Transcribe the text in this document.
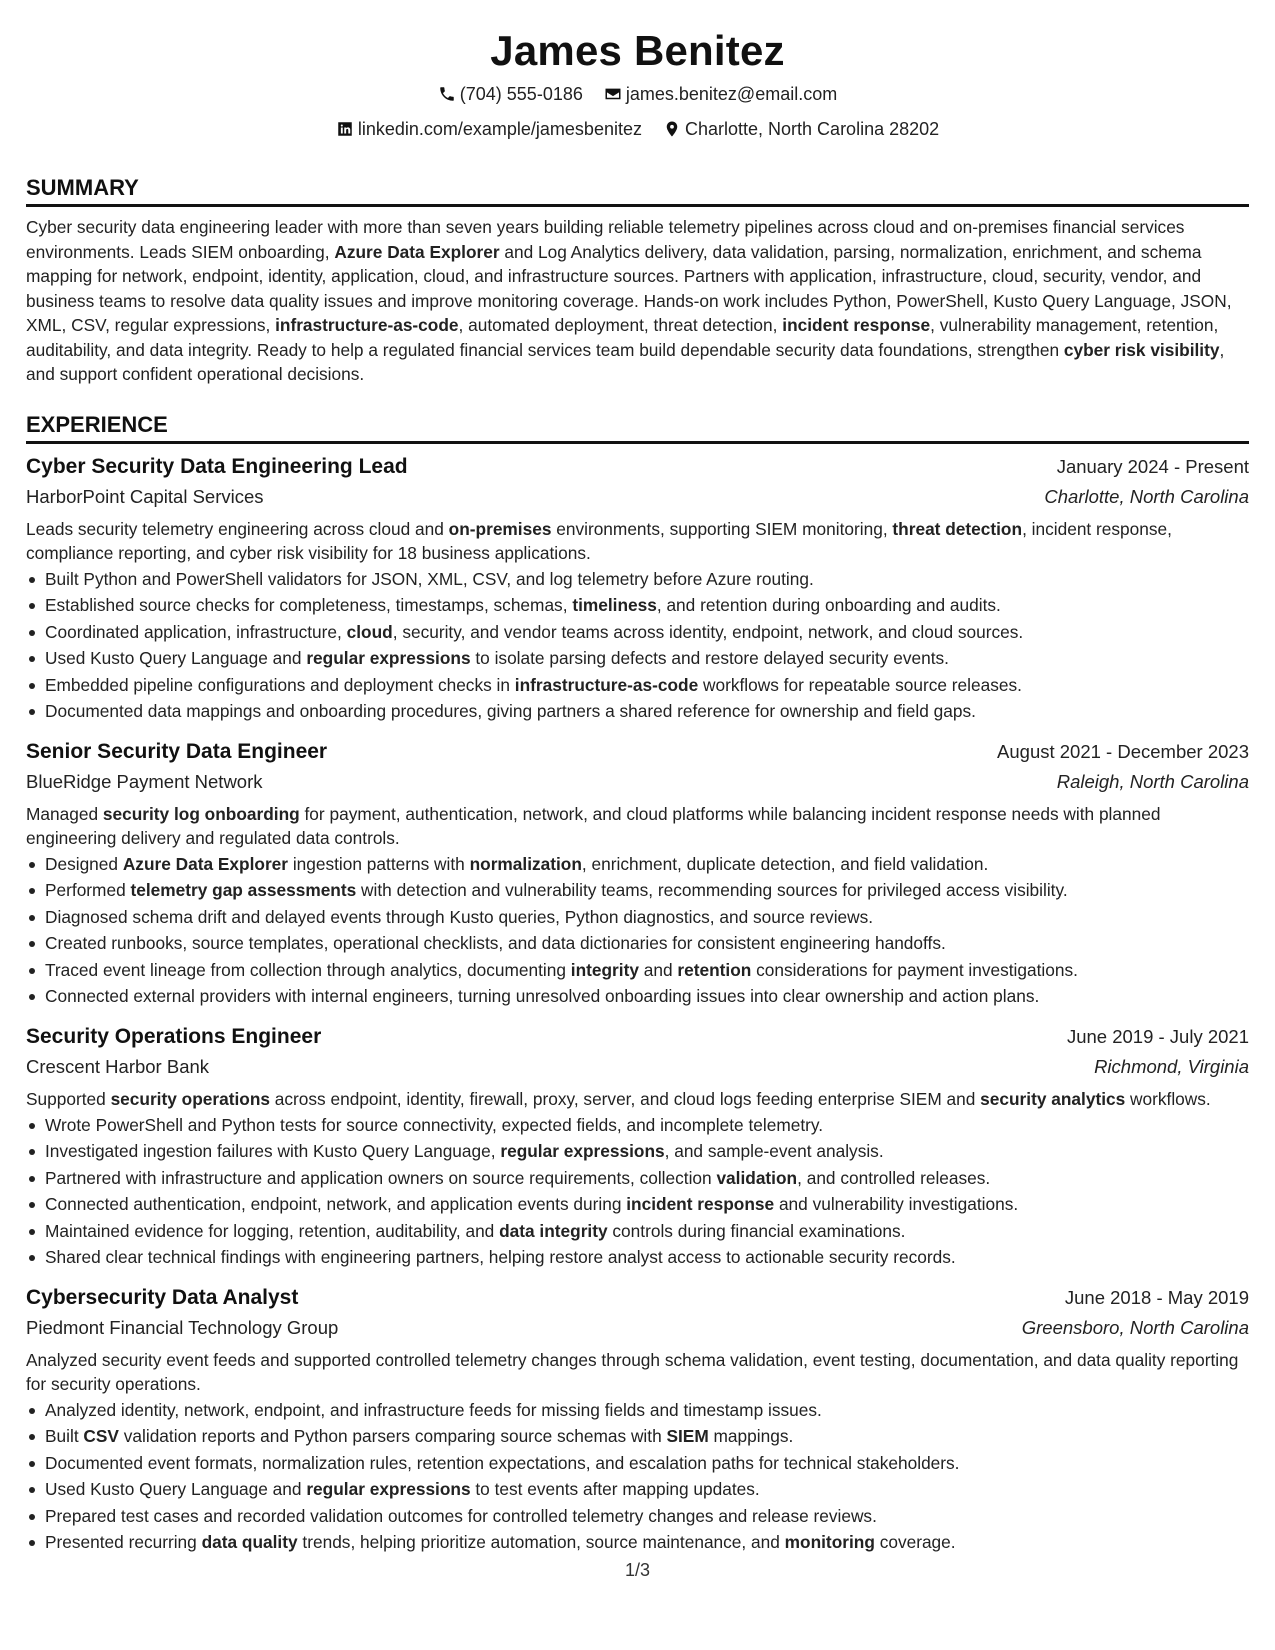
James Benitez
(704) 555-0186
james.benitez@email.com
linkedin.com/example/jamesbenitez
Charlotte, North Carolina 28202
SUMMARY
Cyber security data engineering leader with more than seven years building reliable telemetry pipelines across cloud and on-premises financial services environments. Leads SIEM onboarding, Azure Data Explorer and Log Analytics delivery, data validation, parsing, normalization, enrichment, and schema mapping for network, endpoint, identity, application, cloud, and infrastructure sources. Partners with application, infrastructure, cloud, security, vendor, and business teams to resolve data quality issues and improve monitoring coverage. Hands-on work includes Python, PowerShell, Kusto Query Language, JSON, XML, CSV, regular expressions, infrastructure-as-code, automated deployment, threat detection, incident response, vulnerability management, retention, auditability, and data integrity. Ready to help a regulated financial services team build dependable security data foundations, strengthen cyber risk visibility, and support confident operational decisions.
EXPERIENCE
Cyber Security Data Engineering Lead	January 2024 - Present
HarborPoint Capital Services	Charlotte, North Carolina
Leads security telemetry engineering across cloud and on-premises environments, supporting SIEM monitoring, threat detection, incident response, compliance reporting, and cyber risk visibility for 18 business applications.
Built Python and PowerShell validators for JSON, XML, CSV, and log telemetry before Azure routing.
Established source checks for completeness, timestamps, schemas, timeliness, and retention during onboarding and audits.
Coordinated application, infrastructure, cloud, security, and vendor teams across identity, endpoint, network, and cloud sources.
Used Kusto Query Language and regular expressions to isolate parsing defects and restore delayed security events.
Embedded pipeline configurations and deployment checks in infrastructure-as-code workflows for repeatable source releases.
Documented data mappings and onboarding procedures, giving partners a shared reference for ownership and field gaps.
Senior Security Data Engineer	August 2021 - December 2023
BlueRidge Payment Network	Raleigh, North Carolina
Managed security log onboarding for payment, authentication, network, and cloud platforms while balancing incident response needs with planned engineering delivery and regulated data controls.
Designed Azure Data Explorer ingestion patterns with normalization, enrichment, duplicate detection, and field validation.
Performed telemetry gap assessments with detection and vulnerability teams, recommending sources for privileged access visibility.
Diagnosed schema drift and delayed events through Kusto queries, Python diagnostics, and source reviews.
Created runbooks, source templates, operational checklists, and data dictionaries for consistent engineering handoffs.
Traced event lineage from collection through analytics, documenting integrity and retention considerations for payment investigations.
Connected external providers with internal engineers, turning unresolved onboarding issues into clear ownership and action plans.
Security Operations Engineer	June 2019 - July 2021
Crescent Harbor Bank	Richmond, Virginia
Supported security operations across endpoint, identity, firewall, proxy, server, and cloud logs feeding enterprise SIEM and security analytics workflows.
Wrote PowerShell and Python tests for source connectivity, expected fields, and incomplete telemetry.
Investigated ingestion failures with Kusto Query Language, regular expressions, and sample-event analysis.
Partnered with infrastructure and application owners on source requirements, collection validation, and controlled releases.
Connected authentication, endpoint, network, and application events during incident response and vulnerability investigations.
Maintained evidence for logging, retention, auditability, and data integrity controls during financial examinations.
Shared clear technical findings with engineering partners, helping restore analyst access to actionable security records.
Cybersecurity Data Analyst	June 2018 - May 2019
Piedmont Financial Technology Group	Greensboro, North Carolina
Analyzed security event feeds and supported controlled telemetry changes through schema validation, event testing, documentation, and data quality reporting for security operations.
Analyzed identity, network, endpoint, and infrastructure feeds for missing fields and timestamp issues.
Built CSV validation reports and Python parsers comparing source schemas with SIEM mappings.
Documented event formats, normalization rules, retention expectations, and escalation paths for technical stakeholders.
Used Kusto Query Language and regular expressions to test events after mapping updates.
Prepared test cases and recorded validation outcomes for controlled telemetry changes and release reviews.
Presented recurring data quality trends, helping prioritize automation, source maintenance, and monitoring coverage.
1/3
